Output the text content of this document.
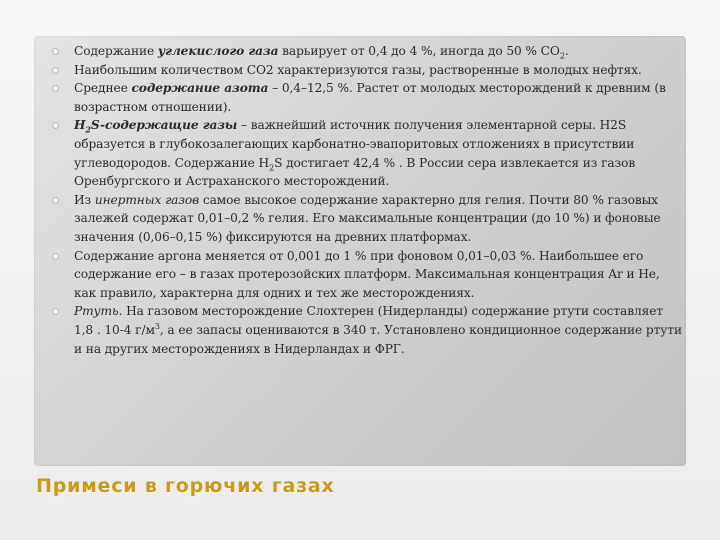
Содержание углекислого газа варьирует от 0,4 до 4 %, иногда до 50 % $СО_2$.
Наибольшим количеством СО2 характеризуются газы, растворенные в молодых нефтях.
Среднее содержание азота – 0,4–12,5 %. Растет от молодых месторождений к древним (в возрастном отношении).
$H_2S$-содержащие газы – важнейший источник получения элементарной серы. H2S образуется в глубокозалегающих карбонатно-эвапоритовых отложениях в присутствии углеводородов. Содержание $H_2S$ достигает 42,4 % . В России сера извлекается из газов Оренбургского и Астраханского месторождений.
Из инертных газов самое высокое содержание характерно для гелия. Почти 80 % газовых залежей содержат 0,01–0,2 % гелия. Его максимальные концентрации (до 10 %) и фоновые значения (0,06–0,15 %) фиксируются на древних платформах.
Содержание аргона меняется от 0,001 до 1 % при фоновом 0,01–0,03 %. Наибольшее его содержание его – в газах протерозойских платформ. Максимальная концентрация Ar и He, как правило, характерна для одних и тех же месторождениях.
Ртуть. На газовом месторождение Слохтерен (Нидерланды) содержание ртути составляет 1,8 . 10-4 $г/м^3$, а ее запасы оцениваются в 340 т. Установлено кондиционное содержание ртути и на других месторождениях в Нидерландах и ФРГ.
Примеси в горючих газах
